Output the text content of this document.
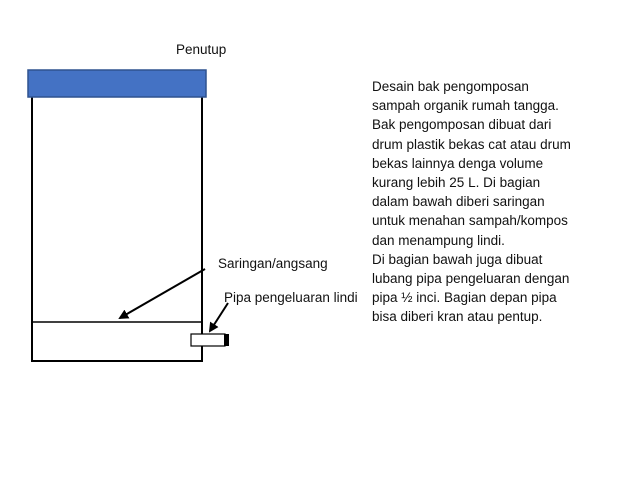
Penutup
Saringan/angsang
Pipa pengeluaran lindi
Desain bak pengomposan
sampah organik rumah tangga.
Bak pengomposan dibuat dari
drum plastik bekas cat atau drum
bekas lainnya denga volume
kurang lebih 25 L. Di bagian
dalam bawah diberi saringan
untuk menahan sampah/kompos
dan menampung lindi.
Di bagian bawah juga dibuat
lubang pipa pengeluaran dengan
pipa ½ inci. Bagian depan pipa
bisa diberi kran atau pentup.
